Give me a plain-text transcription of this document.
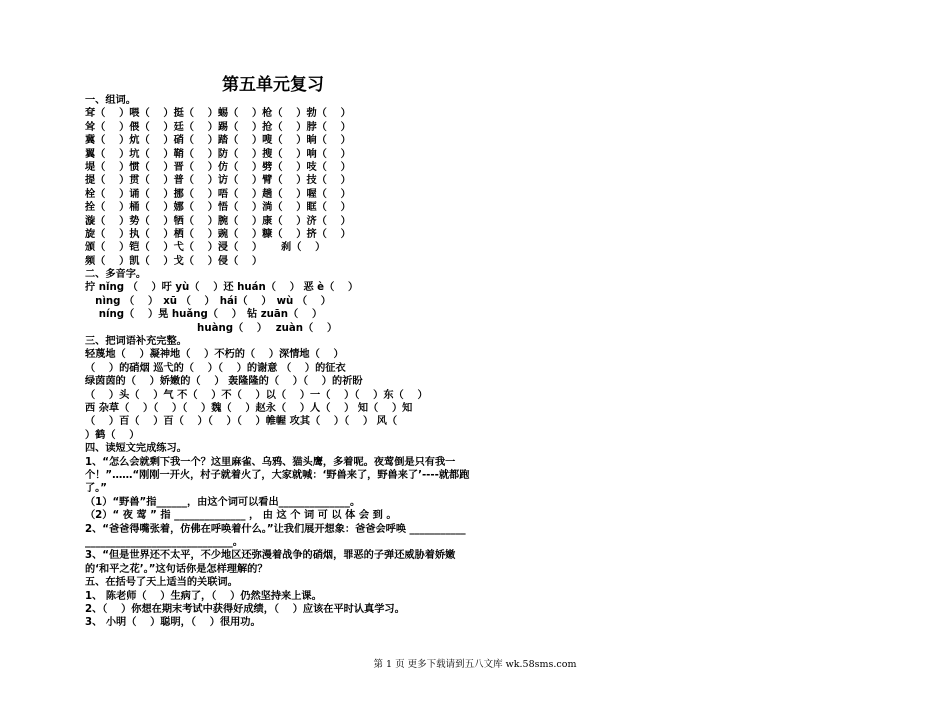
第五单元复习
一、组词。
耷（　 ）喂（　 ）挺（　 ）蜴（　 ）枪（　 ）勃（　 ）
耸（　 ）偎（　 ）廷（　 ）踢（　 ）抢（　 ）脖（　 ）
冀（　 ）炕（　 ）硝（　 ）踏（　 ）嗖（　 ）晌（　 ）
翼（　 ）坑（　 ）鞘（　 ）防（　 ）搜（　 ）响（　 ）
堤（　 ）惯（　 ）晋（　 ）仿（　 ）劈（　 ）吱（　 ）
提（　 ）贯（　 ）普（　 ）访（　 ）臂（　 ）技（　 ）
栓（　 ）诵（　 ）挪（　 ）唔（　 ）趟（　 ）喔（　 ）
拴（　 ）桶（　 ）娜（　 ）悟（　 ）淌（　 ）眶（　 ）
漩（　 ）势（　 ）牺（　 ）腕（　 ）康（　 ）济（　 ）
旋（　 ）执（　 ）栖（　 ）豌（　 ）糠（　 ）挤（　 ）
颁（　 ）铠（　 ）弋（　 ）浸（　 ）　　 刹（　 ）
频（　 ）凯（　 ）戈（　 ）侵（　 ）
二、多音字。
拧 nǐng （　 ）吁 yù（　 ）还 huán（　 ） 恶 è（　 ）
　nìng （　 ）　xū （　 ）　hái（　 ）　wù （　 ）
　 níng（　 ）晃 huǎng（　 ）　钻 zuān（　 ）
　　　　　　　　　　　huàng（　 ）　 zuàn（　 ）
三、把词语补充完整。
轻蔑地（　 ）凝神地（　 ）不朽的（　 ）深情地（　 ）
（　 ）的硝烟 巡弋的（　 ）（　 ）的谢意 （　 ）的征衣
绿茵茵的（　 ）娇嫩的（　 ） 轰隆隆的（　 ）（　 ）的祈盼
（　 ）头（　 ）气 不（　 ）不（　 ）以（　 ）一（　 ）（　 ）东（　 ）
西 杂草（　 ）（　 ）（　 ）魏（　 ）赵永（　 ）人（　 ） 知（　 ）知
（　 ）百（　 ）百（　 ）（　 ）（　 ）帷幄 攻其（　 ）（　 ） 风（
）鹤（　 ）
四、读短文完成练习。
1、“怎么会就剩下我一个？这里麻雀、乌鸦、猫头鹰，多着呢。夜莺倒是只有我一个！”……“刚刚一开火，村子就着火了，大家就喊：‘野兽来了，野兽来了’----就都跑了。”
（1）“野兽”指______，由这个词可以看出______________。
（2）“ 夜 莺 ” 指 ______________ ， 由 这 个 词 可 以 体 会 到 。
2、“爸爸得嘴张着，仿佛在呼唤着什么。”让我们展开想象：爸爸会呼唤 ________________________________________。
3、“但是世界还不太平，不少地区还弥漫着战争的硝烟，罪恶的子弹还威胁着娇嫩的‘和平之花’。”这句话你是怎样理解的？
五、在括号了天上适当的关联词。
1、 陈老师（　 ）生病了，（　 ）仍然坚持来上课。
2、（　 ）你想在期末考试中获得好成绩，（　 ）应该在平时认真学习。
3、 小明（　 ）聪明，（　 ）很用功。
第 1 页 更多下载请到五八文库 wk.58sms.com
